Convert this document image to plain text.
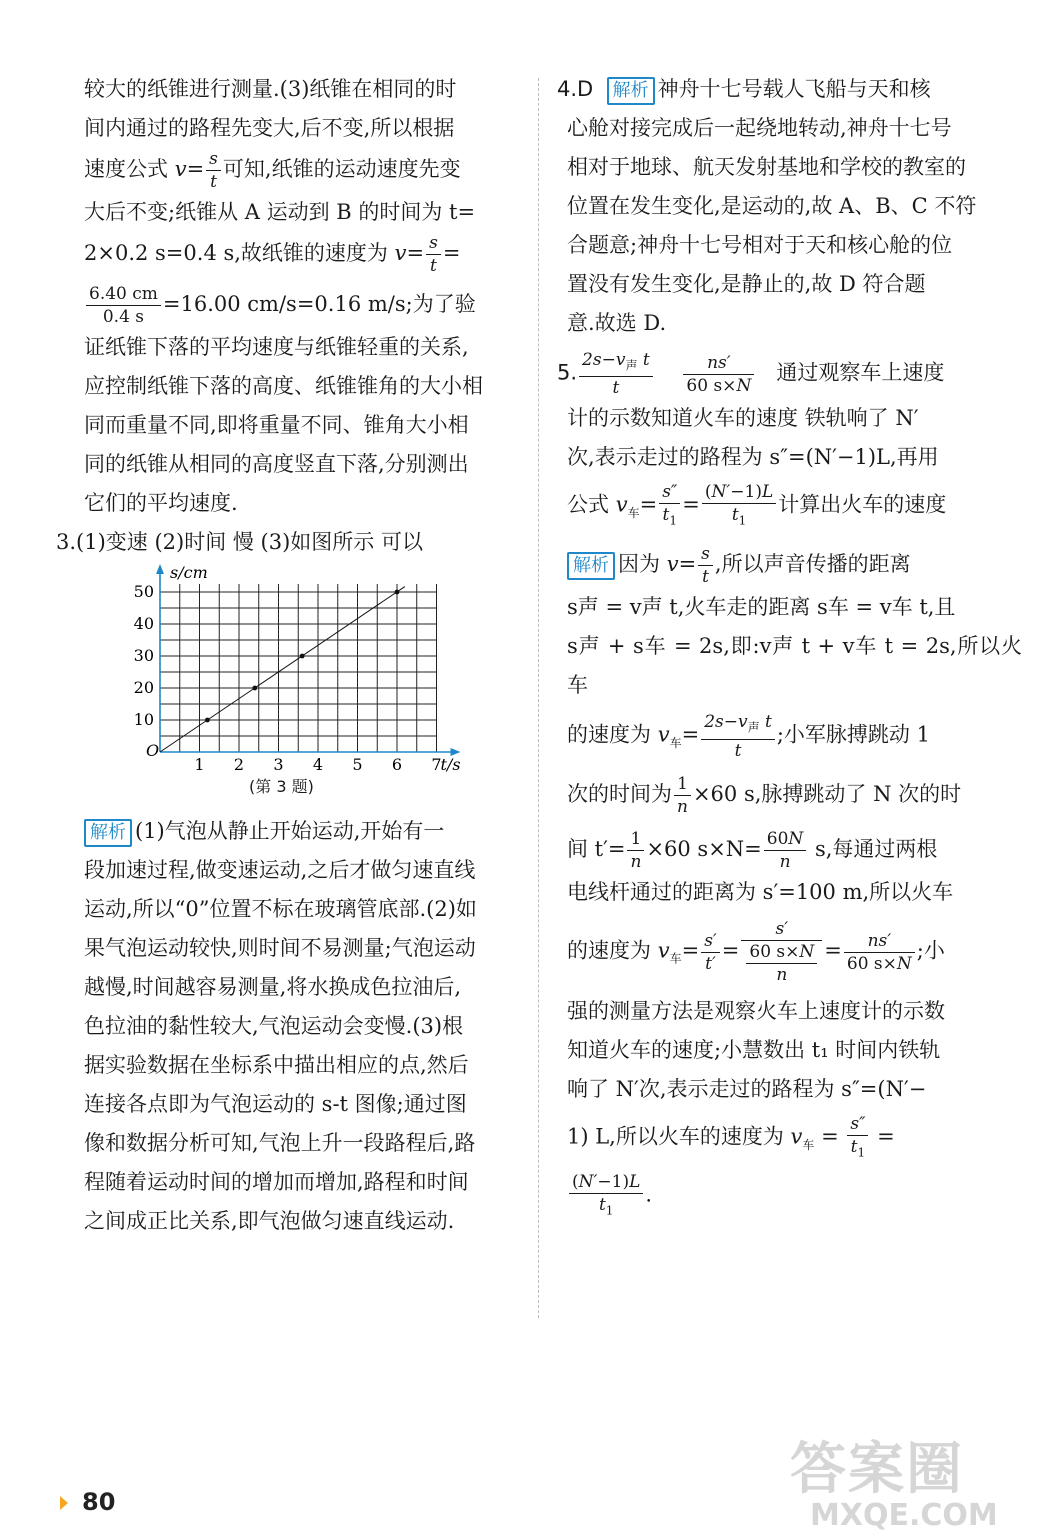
较大的纸锥进行测量.(3)纸锥在相同的时
间内通过的路程先变大,后不变,所以根据
速度公式 $v= \frac{s}{t}$ 可知,纸锥的运动速度先变
大后不变;纸锥从 A 运动到 B 的时间为 t=
2×0.2 s=0.4 s,故纸锥的速度为 $v= \frac{s}{t}$ =
$\frac{6.40 cm}{0.4 s} =16.00$ cm/s=0.16 m/s;为了验
证纸锥下落的平均速度与纸锥轻重的关系,
应控制纸锥下落的高度、纸锥锥角的大小相
同而重量不同,即将重量不同、锥角大小相
同的纸锥从相同的高度竖直下落,分别测出
它们的平均速度.

3.(1)变速 (2)时间 慢 (3)如图所示 可以

1 2 3 4 5 6 7
10
20
30
40
50
O
t/s
s/cm
(第 3 题)

解析 (1)气泡从静止开始运动,开始有一
段加速过程,做变速运动,之后才做匀速直线
运动,所以“0”位置不标在玻璃管底部.(2)如
果气泡运动较快,则时间不易测量;气泡运动
越慢,时间越容易测量,将水换成色拉油后,
色拉油的黏性较大,气泡运动会变慢.(3)根
据实验数据在坐标系中描出相应的点,然后
连接各点即为气泡运动的 s-t 图像;通过图
像和数据分析可知,气泡上升一段路程后,路
程随着运动时间的增加而增加,路程和时间
之间成正比关系,即气泡做匀速直线运动.

4.D 解析 神舟十七号载人飞船与天和核
心舱对接完成后一起绕地转动,神舟十七号
相对于地球、航天发射基地和学校的教室的
位置在发生变化,是运动的,故 A、B、C 不符
合题意;神舟十七号相对于天和核心舱的位
置没有发生变化,是静止的,故 D 符合题
意.故选 D.

5. $\frac{2s-v_声 t}{t}$
$\frac{ns'}{60 s\times N}$ 通过观察车上速度
计的示数知道火车的速度 铁轨响了 N′
次,表示走过的路程为 s″=(N′−1)L,再用
公式 $v_车= \frac{s''}{t_1} = \frac{(N'-1)L}{t_1}$ 计算出火车的速度
解析 因为 $v= \frac{s}{t}$ ,所以声音传播的距离
s声 = v声 t,火车走的距离 s车 = v车 t,且
s声 + s车 = 2s,即:v声 t + v车 t = 2s,所以火车
的速度为 $v_车= \frac{2s-v_声 t}{t}$ ;小军脉搏跳动 1
次的时间为 $\frac{1}{n} \times 60$ s,脉搏跳动了 N 次的时
间 $t'= \frac{1}{n} \times 60$ $s\times N= \frac{60N}{n} s$,每通过两根
电线杆通过的距离为 s′=100 m,所以火车
的速度为 $v_车= \frac{s'}{t'} = \frac{s'}{\frac{60 s\times N}{n}} = \frac{ns'}{60 s\times N}$ ;小
强的测量方法是观察火车上速度计的示数
知道火车的速度;小慧数出 t₁ 时间内铁轨
响了 N′次,表示走过的路程为 s″=(N′−
1) L,所以火车的速度为 $v_车 = \frac{s''}{t_1}$ =
$\frac{(N'-1)L}{t_1}$ .

80	答案圈
MXQE.COM
